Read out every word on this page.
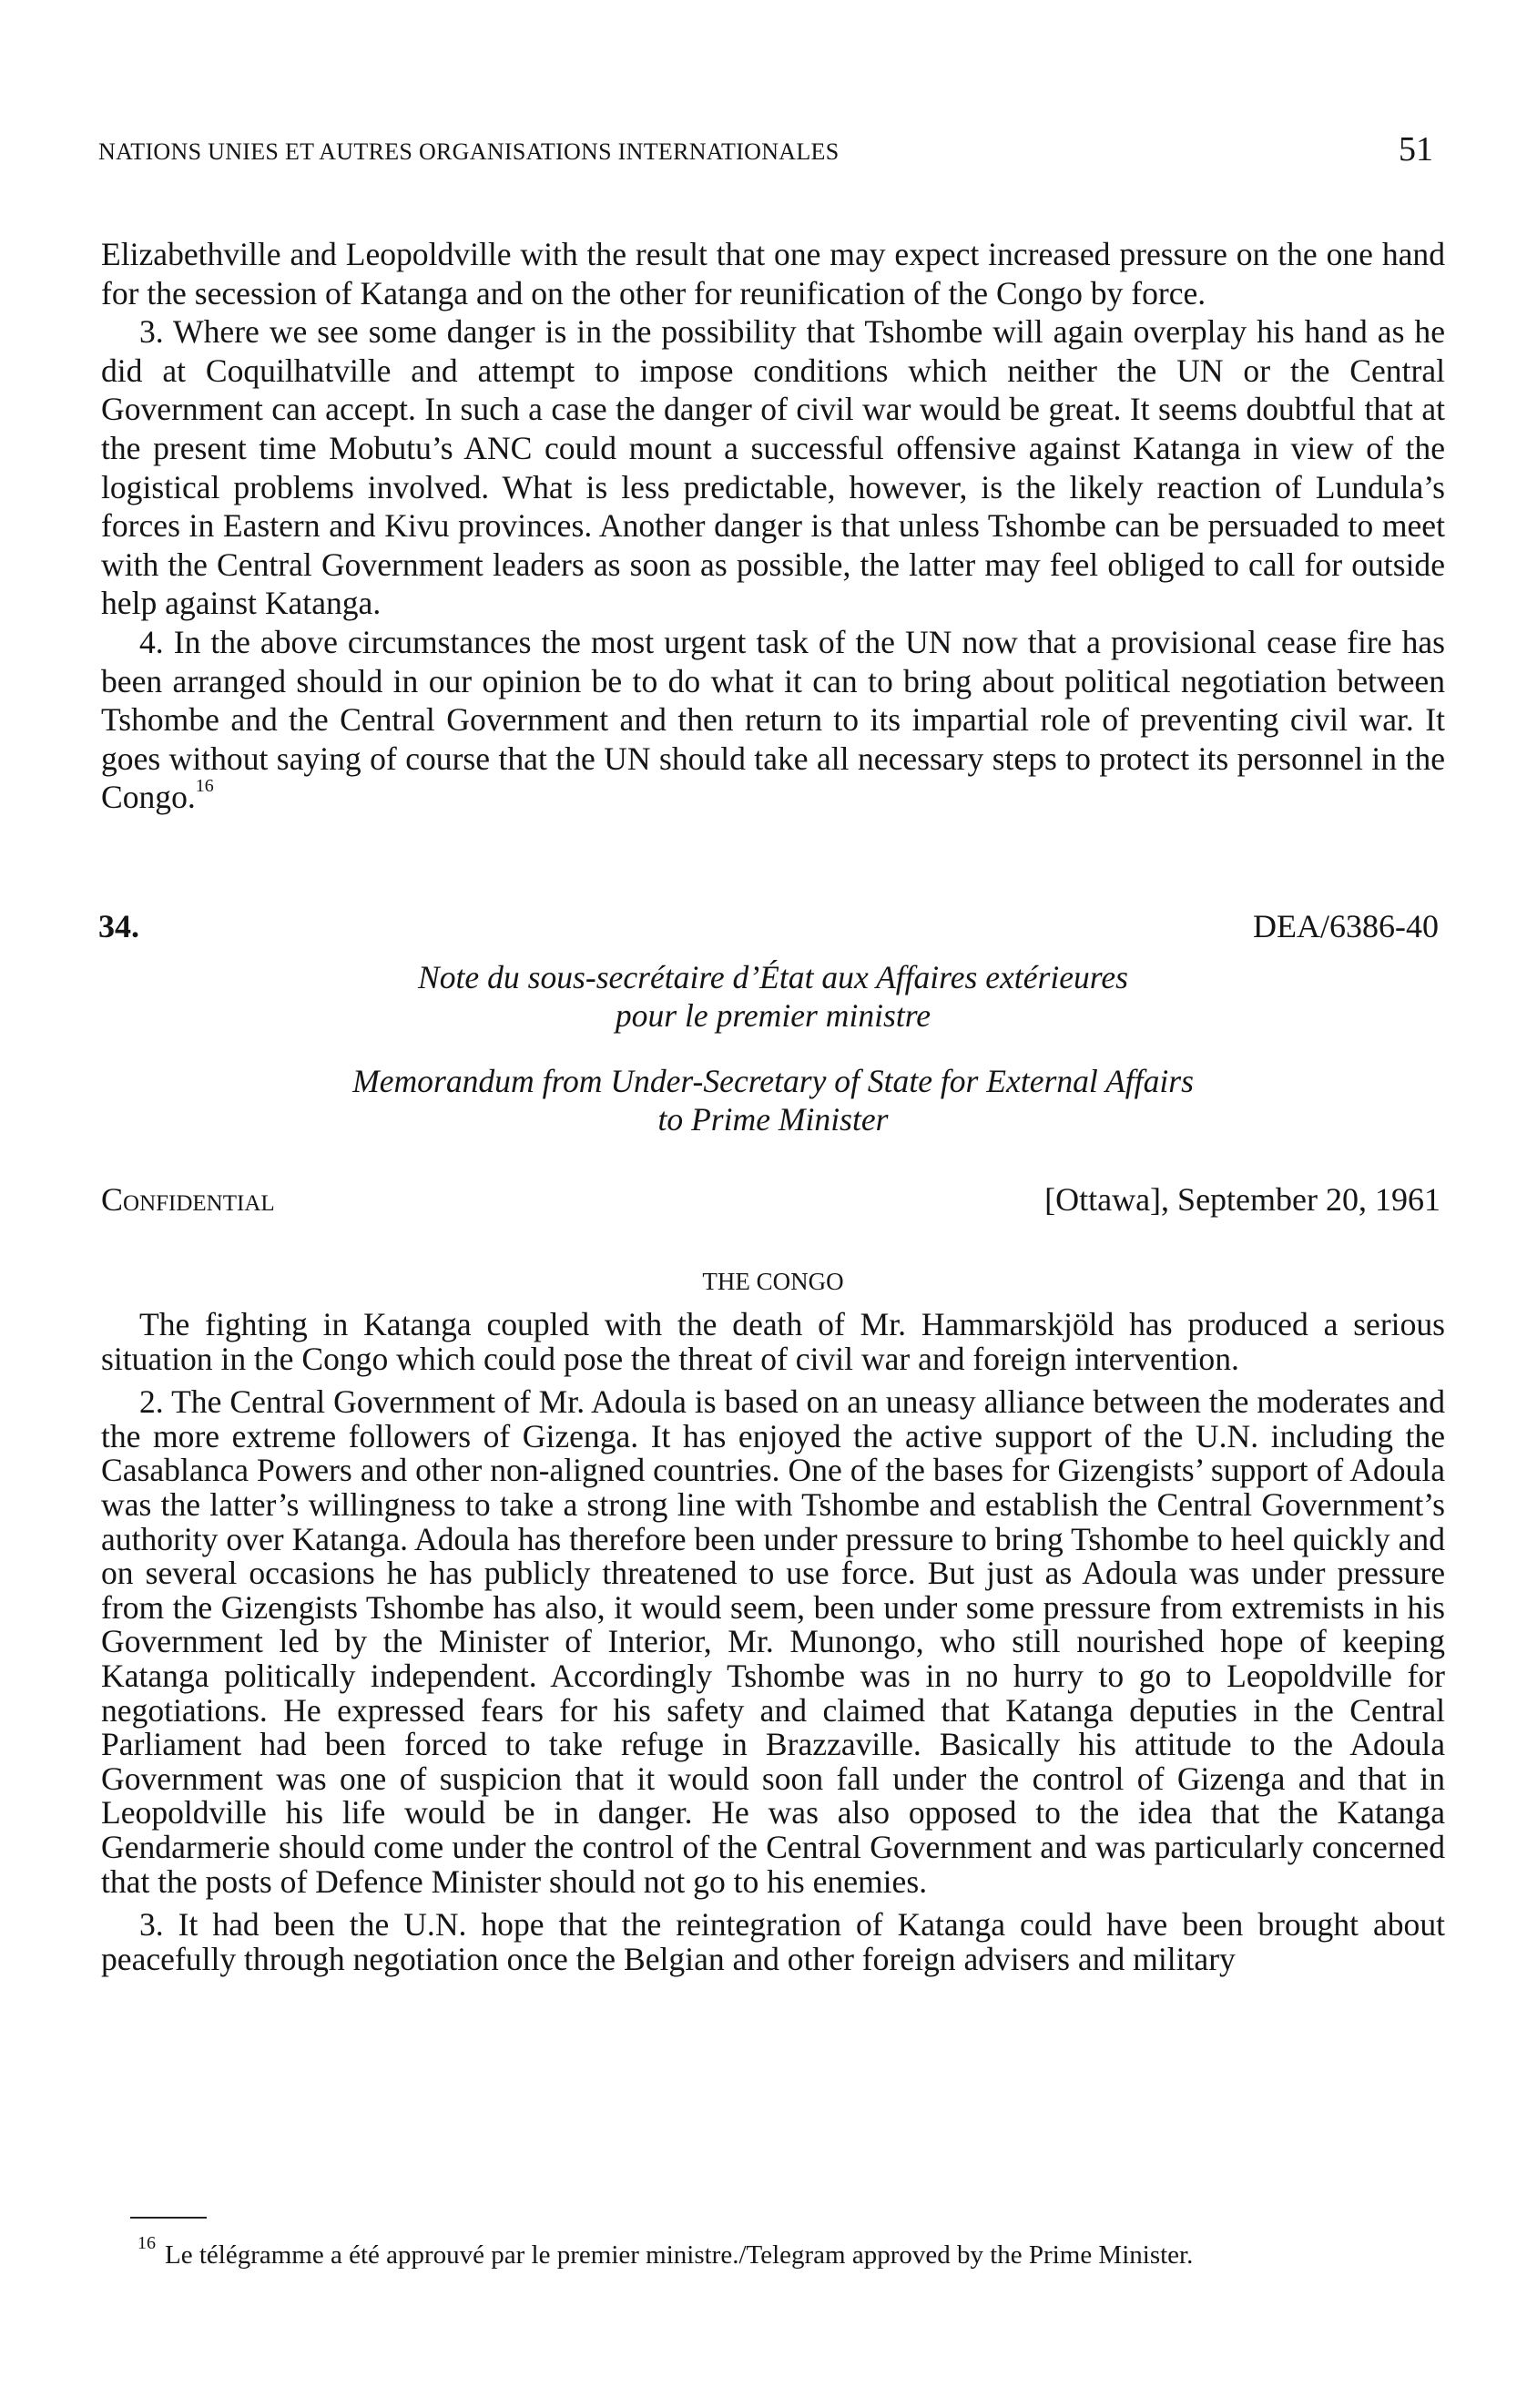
NATIONS UNIES ET AUTRES ORGANISATIONS INTERNATIONALES	51

Elizabethville and Leopoldville with the result that one may expect increased pressure on the one hand for the secession of Katanga and on the other for reunification of the Congo by force.

3. Where we see some danger is in the possibility that Tshombe will again overplay his hand as he did at Coquilhatville and attempt to impose conditions which neither the UN or the Central Government can accept. In such a case the danger of civil war would be great. It seems doubtful that at the present time Mobutu’s ANC could mount a successful offensive against Katanga in view of the logistical problems involved. What is less predictable, however, is the likely reaction of Lundula’s forces in Eastern and Kivu provinces. Another danger is that unless Tshombe can be persuaded to meet with the Central Government leaders as soon as possible, the latter may feel obliged to call for outside help against Katanga.

4. In the above circumstances the most urgent task of the UN now that a provisional cease fire has been arranged should in our opinion be to do what it can to bring about political negotiation between Tshombe and the Central Government and then return to its impartial role of preventing civil war. It goes without saying of course that the UN should take all necessary steps to protect its personnel in the Congo.$^{16}$

34.	DEA/6386-40
Note du sous-secrétaire d’État aux Affaires extérieures
pour le premier ministre
Memorandum from Under-Secretary of State for External Affairs
to Prime Minister
Confidential	[Ottawa], September 20, 1961
THE CONGO

The fighting in Katanga coupled with the death of Mr. Hammarskjöld has produced a serious situation in the Congo which could pose the threat of civil war and foreign intervention.

2. The Central Government of Mr. Adoula is based on an uneasy alliance between the moderates and the more extreme followers of Gizenga. It has enjoyed the active support of the U.N. including the Casablanca Powers and other non-aligned countries. One of the bases for Gizengists’ support of Adoula was the latter’s willingness to take a strong line with Tshombe and establish the Central Government’s authority over Katanga. Adoula has therefore been under pressure to bring Tshombe to heel quickly and on several occasions he has publicly threatened to use force. But just as Adoula was under pressure from the Gizengists Tshombe has also, it would seem, been under some pressure from extremists in his Government led by the Minister of Interior, Mr. Munongo, who still nourished hope of keeping Katanga politically independent. Accordingly Tshombe was in no hurry to go to Leopoldville for negotiations. He expressed fears for his safety and claimed that Katanga deputies in the Central Parliament had been forced to take refuge in Brazzaville. Basically his attitude to the Adoula Government was one of suspicion that it would soon fall under the control of Gizenga and that in Leopoldville his life would be in danger. He was also opposed to the idea that the Katanga Gendarmerie should come under the control of the Central Government and was particularly concerned that the posts of Defence Minister should not go to his enemies.

3. It had been the U.N. hope that the reintegration of Katanga could have been brought about peacefully through negotiation once the Belgian and other foreign advisers and military

$^{16}$ Le télégramme a été approuvé par le premier ministre./Telegram approved by the Prime Minister.
